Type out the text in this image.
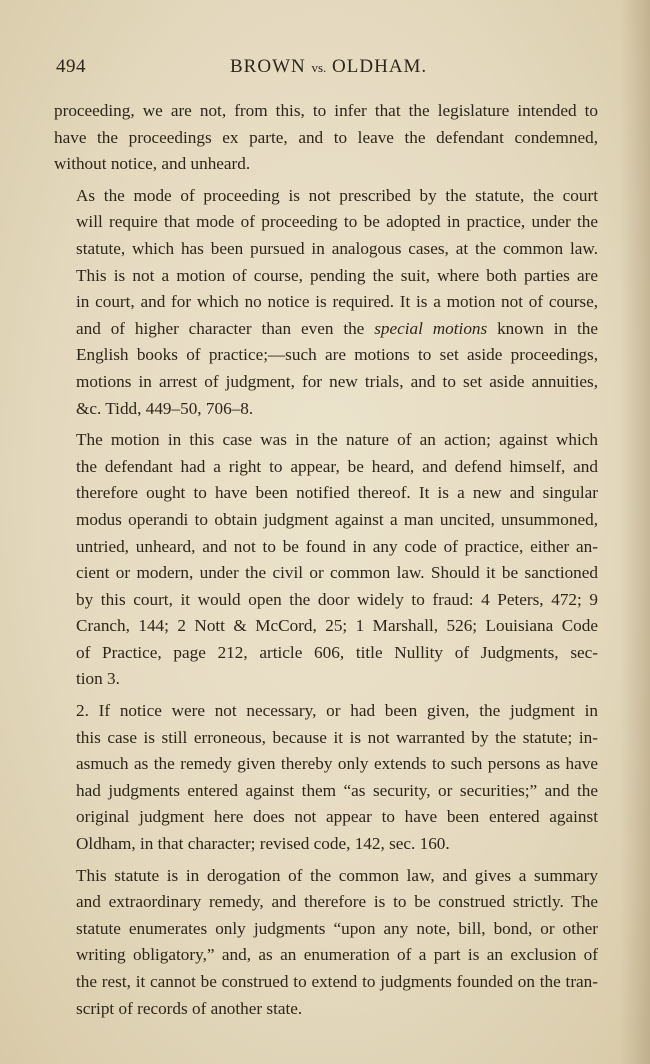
494	BROWN vs. OLDHAM.

proceeding, we are not, from this, to infer that the legislature intended to
have the proceedings ex parte, and to leave the defendant condemned,
without notice, and unheard.

As the mode of proceeding is not prescribed by the statute, the court
will require that mode of proceeding to be adopted in practice, under the
statute, which has been pursued in analogous cases, at the common law.
This is not a motion of course, pending the suit, where both parties are
in court, and for which no notice is required. It is a motion not of course,
and of higher character than even the special motions known in the
English books of practice;—such are motions to set aside proceedings,
motions in arrest of judgment, for new trials, and to set aside annuities,
&c. Tidd, 449–50, 706–8.

The motion in this case was in the nature of an action; against which
the defendant had a right to appear, be heard, and defend himself, and
therefore ought to have been notified thereof. It is a new and singular
modus operandi to obtain judgment against a man uncited, unsummoned,
untried, unheard, and not to be found in any code of practice, either an-
cient or modern, under the civil or common law. Should it be sanctioned
by this court, it would open the door widely to fraud: 4 Peters, 472; 9
Cranch, 144; 2 Nott & McCord, 25; 1 Marshall, 526; Louisiana Code
of Practice, page 212, article 606, title Nullity of Judgments, sec-
tion 3.

2. If notice were not necessary, or had been given, the judgment in
this case is still erroneous, because it is not warranted by the statute; in-
asmuch as the remedy given thereby only extends to such persons as have
had judgments entered against them “as security, or securities;” and the
original judgment here does not appear to have been entered against
Oldham, in that character; revised code, 142, sec. 160.

This statute is in derogation of the common law, and gives a summary
and extraordinary remedy, and therefore is to be construed strictly. The
statute enumerates only judgments “upon any note, bill, bond, or other
writing obligatory,” and, as an enumeration of a part is an exclusion of
the rest, it cannot be construed to extend to judgments founded on the tran-
script of records of another state.
